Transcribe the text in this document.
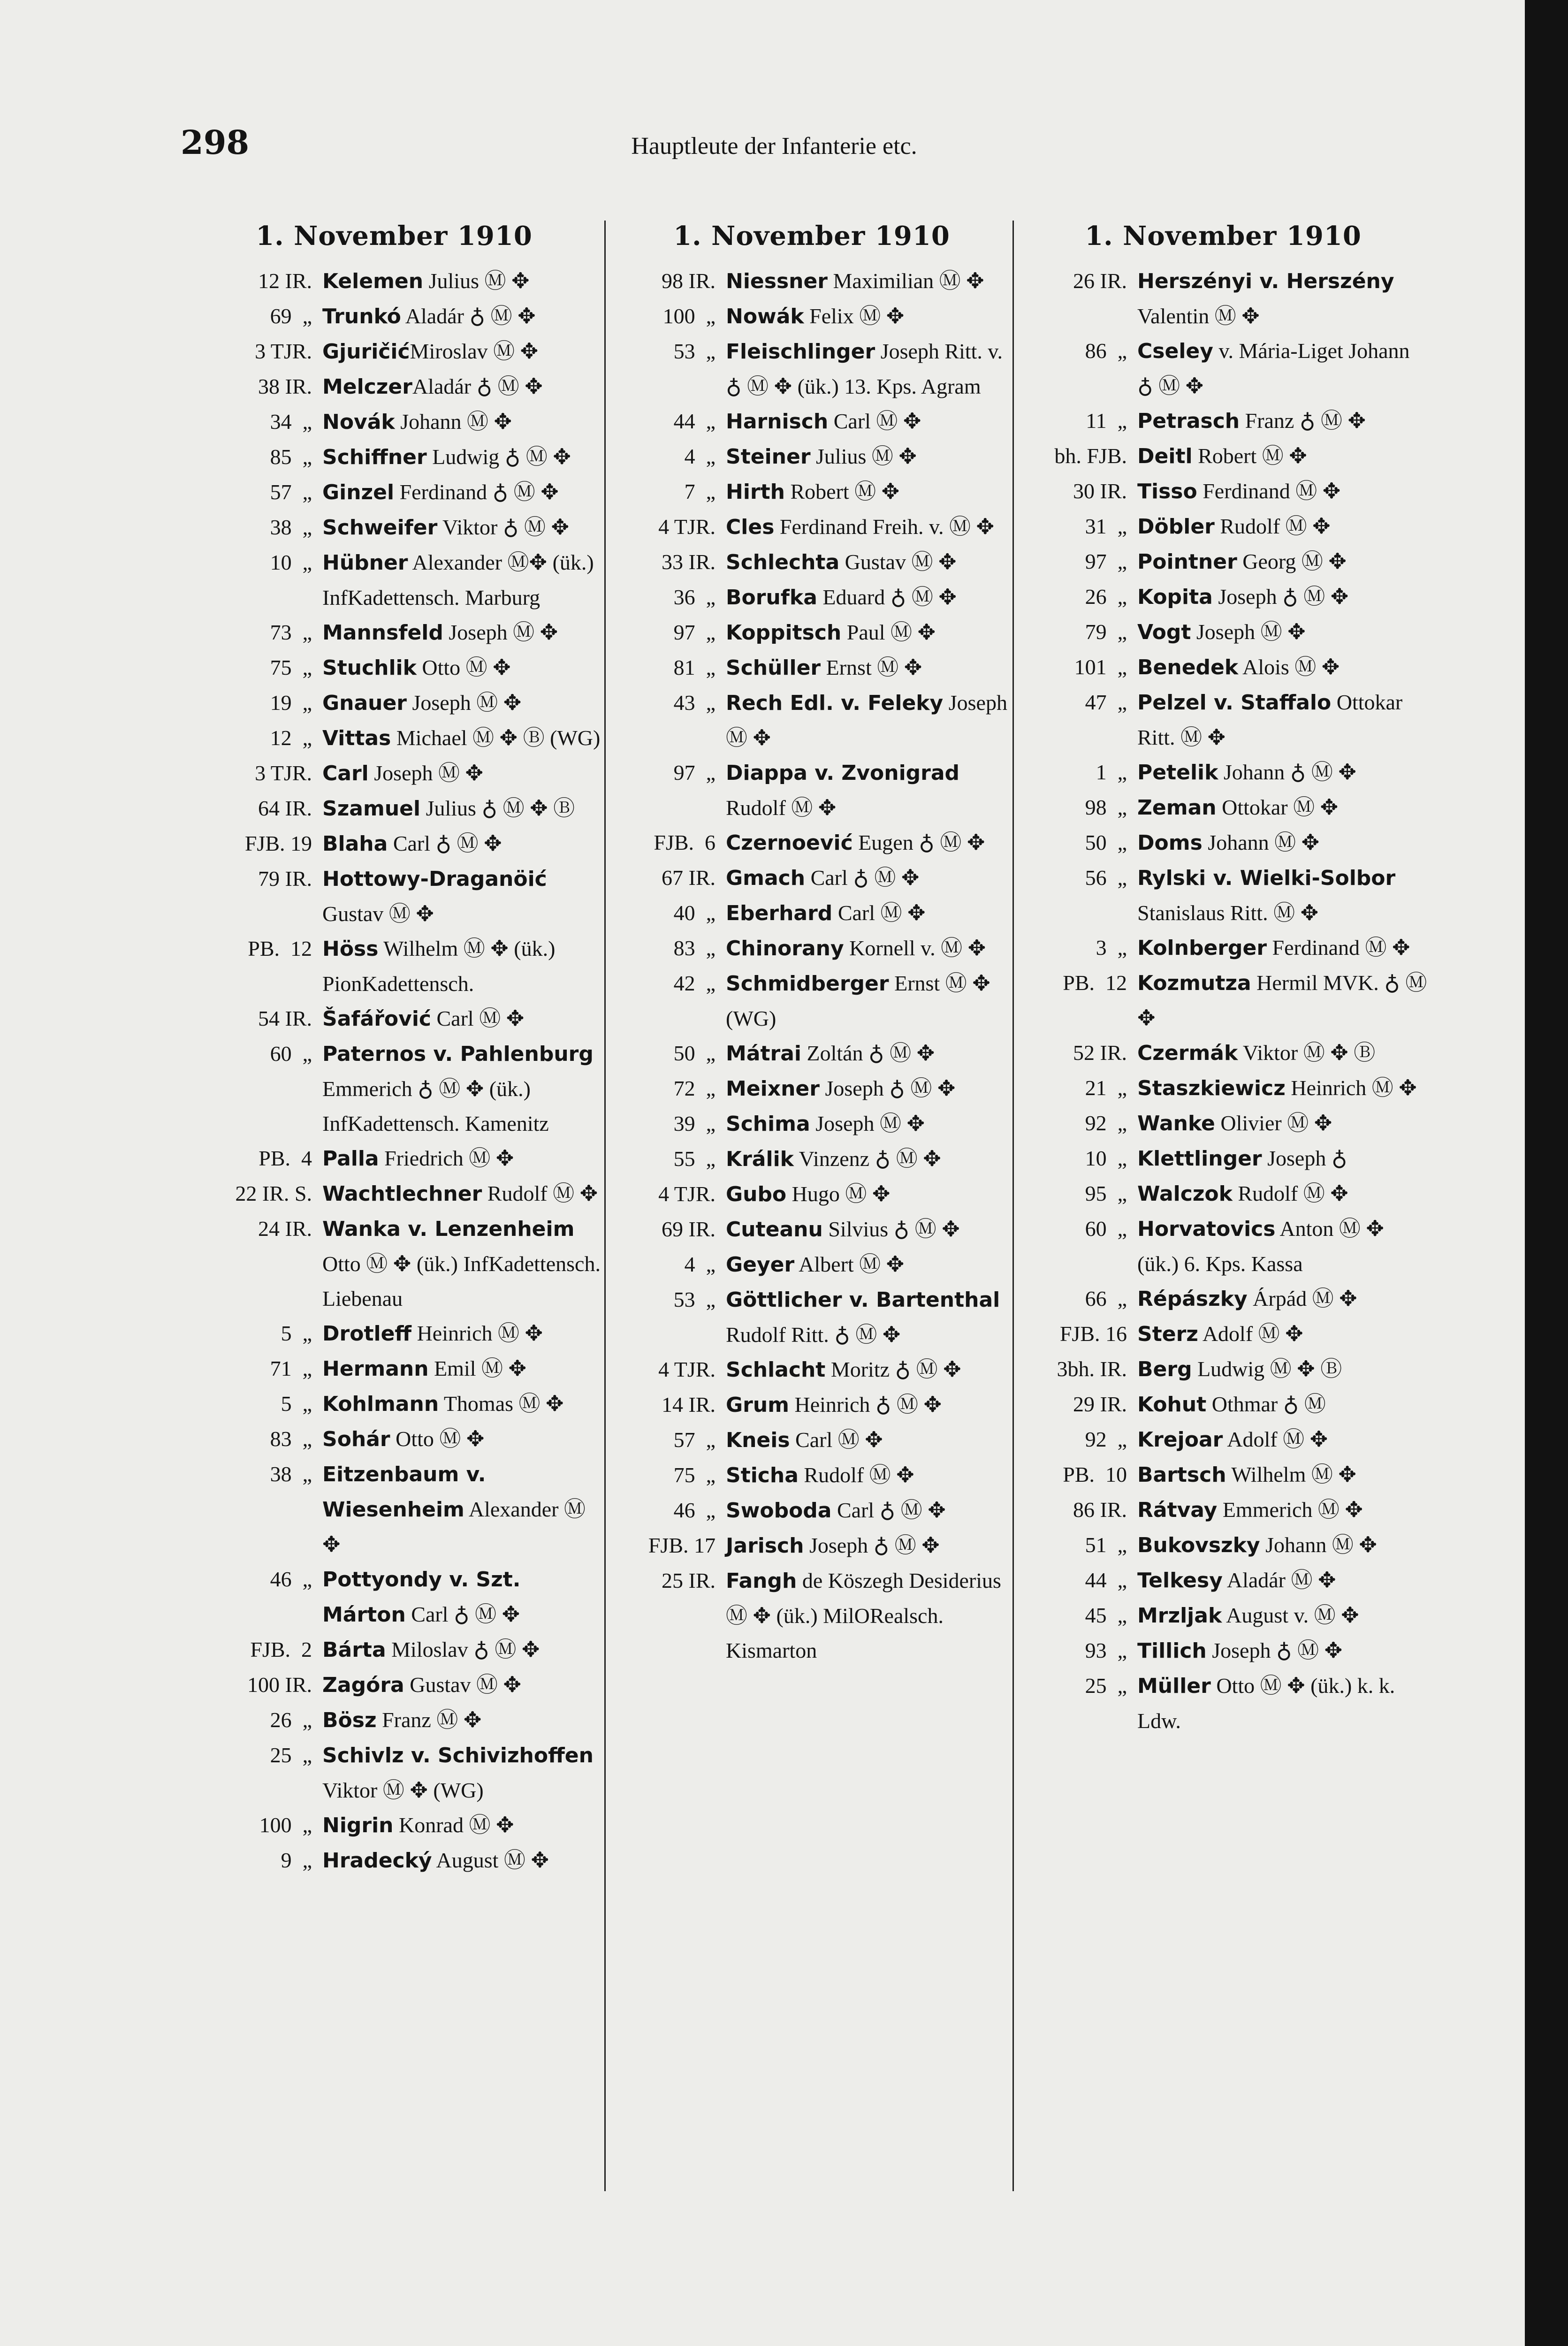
298	Hauptleute der Infanterie etc.
1. November 1910
12 IR. Kelemen Julius Ⓜ ✥
69  „ Trunkó Aladár ♁ Ⓜ ✥
3 TJR. GjuričićMiroslav Ⓜ ✥
38 IR. MelczerAladár ♁ Ⓜ ✥
34  „ Novák Johann Ⓜ ✥
85  „ Schiffner Ludwig ♁ Ⓜ ✥
57  „ Ginzel Ferdinand ♁ Ⓜ ✥
38  „ Schweifer Viktor ♁ Ⓜ ✥
10  „ Hübner Alexander Ⓜ✥ (ük.) InfKadettensch. Marburg
73  „ Mannsfeld Joseph Ⓜ ✥
75  „ Stuchlik Otto Ⓜ ✥
19  „ Gnauer Joseph Ⓜ ✥
12  „ Vittas Michael Ⓜ ✥ Ⓑ (WG)
3 TJR. Carl Joseph Ⓜ ✥
64 IR. Szamuel Julius ♁ Ⓜ ✥ Ⓑ
FJB. 19 Blaha Carl ♁ Ⓜ ✥
79 IR. Hottowy-Draganöić Gustav Ⓜ ✥
PB.  12 Höss Wilhelm Ⓜ ✥ (ük.) PionKadettensch.
54 IR. Šafářović Carl Ⓜ ✥
60  „ Paternos v. Pahlenburg Emmerich ♁ Ⓜ ✥ (ük.) InfKadettensch. Kamenitz
PB.  4 Palla Friedrich Ⓜ ✥
22 IR. S. Wachtlechner Rudolf Ⓜ ✥
24 IR. Wanka v. Lenzenheim Otto Ⓜ ✥ (ük.) InfKadettensch. Liebenau
5  „ Drotleff Heinrich Ⓜ ✥
71  „ Hermann Emil Ⓜ ✥
5  „ Kohlmann Thomas Ⓜ ✥
83  „ Sohár Otto Ⓜ ✥
38  „ Eitzenbaum v. Wiesenheim Alexander Ⓜ ✥
46  „ Pottyondy v. Szt. Márton Carl ♁ Ⓜ ✥
FJB.  2 Bárta Miloslav ♁ Ⓜ ✥
100 IR. Zagóra Gustav Ⓜ ✥
26  „ Bösz Franz Ⓜ ✥
25  „ Schivlz v. Schivizhoffen Viktor Ⓜ ✥ (WG)
100  „ Nigrin Konrad Ⓜ ✥
9  „ Hradecký August Ⓜ ✥
1. November 1910
98 IR. Niessner Maximilian Ⓜ ✥
100  „ Nowák Felix Ⓜ ✥
53  „ Fleischlinger Joseph Ritt. v. ♁ Ⓜ ✥ (ük.) 13. Kps. Agram
44  „ Harnisch Carl Ⓜ ✥
4  „ Steiner Julius Ⓜ ✥
7  „ Hirth Robert Ⓜ ✥
4 TJR. Cles Ferdinand Freih. v. Ⓜ ✥
33 IR. Schlechta Gustav Ⓜ ✥
36  „ Borufka Eduard ♁ Ⓜ ✥
97  „ Koppitsch Paul Ⓜ ✥
81  „ Schüller Ernst Ⓜ ✥
43  „ Rech Edl. v. Feleky Joseph Ⓜ ✥
97  „ Diappa v. Zvonigrad Rudolf Ⓜ ✥
FJB.  6 Czernoević Eugen ♁ Ⓜ ✥
67 IR. Gmach Carl ♁ Ⓜ ✥
40  „ Eberhard Carl Ⓜ ✥
83  „ Chinorany Kornell v. Ⓜ ✥
42  „ Schmidberger Ernst Ⓜ ✥ (WG)
50  „ Mátrai Zoltán ♁ Ⓜ ✥
72  „ Meixner Joseph ♁ Ⓜ ✥
39  „ Schima Joseph Ⓜ ✥
55  „ Králik Vinzenz ♁ Ⓜ ✥
4 TJR. Gubo Hugo Ⓜ ✥
69 IR. Cuteanu Silvius ♁ Ⓜ ✥
4  „ Geyer Albert Ⓜ ✥
53  „ Göttlicher v. Bartenthal Rudolf Ritt. ♁ Ⓜ ✥
4 TJR. Schlacht Moritz ♁ Ⓜ ✥
14 IR. Grum Heinrich ♁ Ⓜ ✥
57  „ Kneis Carl Ⓜ ✥
75  „ Sticha Rudolf Ⓜ ✥
46  „ Swoboda Carl ♁ Ⓜ ✥
FJB. 17 Jarisch Joseph ♁ Ⓜ ✥
25 IR. Fangh de Köszegh Desiderius Ⓜ ✥ (ük.) MilORealsch. Kismarton
1. November 1910
26 IR. Herszényi v. Herszény Valentin Ⓜ ✥
86  „ Cseley v. Mária-Liget Johann ♁ Ⓜ ✥
11  „ Petrasch Franz ♁ Ⓜ ✥
bh. FJB. Deitl Robert Ⓜ ✥
30 IR. Tisso Ferdinand Ⓜ ✥
31  „ Döbler Rudolf Ⓜ ✥
97  „ Pointner Georg Ⓜ ✥
26  „ Kopita Joseph ♁ Ⓜ ✥
79  „ Vogt Joseph Ⓜ ✥
101  „ Benedek Alois Ⓜ ✥
47  „ Pelzel v. Staffalo Ottokar Ritt. Ⓜ ✥
1  „ Petelik Johann ♁ Ⓜ ✥
98  „ Zeman Ottokar Ⓜ ✥
50  „ Doms Johann Ⓜ ✥
56  „ Rylski v. Wielki-Solbor Stanislaus Ritt. Ⓜ ✥
3  „ Kolnberger Ferdinand Ⓜ ✥
PB.  12 Kozmutza Hermil MVK. ♁ Ⓜ ✥
52 IR. Czermák Viktor Ⓜ ✥ Ⓑ
21  „ Staszkiewicz Heinrich Ⓜ ✥
92  „ Wanke Olivier Ⓜ ✥
10  „ Klettlinger Joseph ♁
95  „ Walczok Rudolf Ⓜ ✥
60  „ Horvatovics Anton Ⓜ ✥ (ük.) 6. Kps. Kassa
66  „ Répászky Árpád Ⓜ ✥
FJB. 16 Sterz Adolf Ⓜ ✥
3bh. IR. Berg Ludwig Ⓜ ✥ Ⓑ
29 IR. Kohut Othmar ♁ Ⓜ
92  „ Krejoar Adolf Ⓜ ✥
PB.  10 Bartsch Wilhelm Ⓜ ✥
86 IR. Rátvay Emmerich Ⓜ ✥
51  „ Bukovszky Johann Ⓜ ✥
44  „ Telkesy Aladár Ⓜ ✥
45  „ Mrzljak August v. Ⓜ ✥
93  „ Tillich Joseph ♁ Ⓜ ✥
25  „ Müller Otto Ⓜ ✥ (ük.) k. k. Ldw.
